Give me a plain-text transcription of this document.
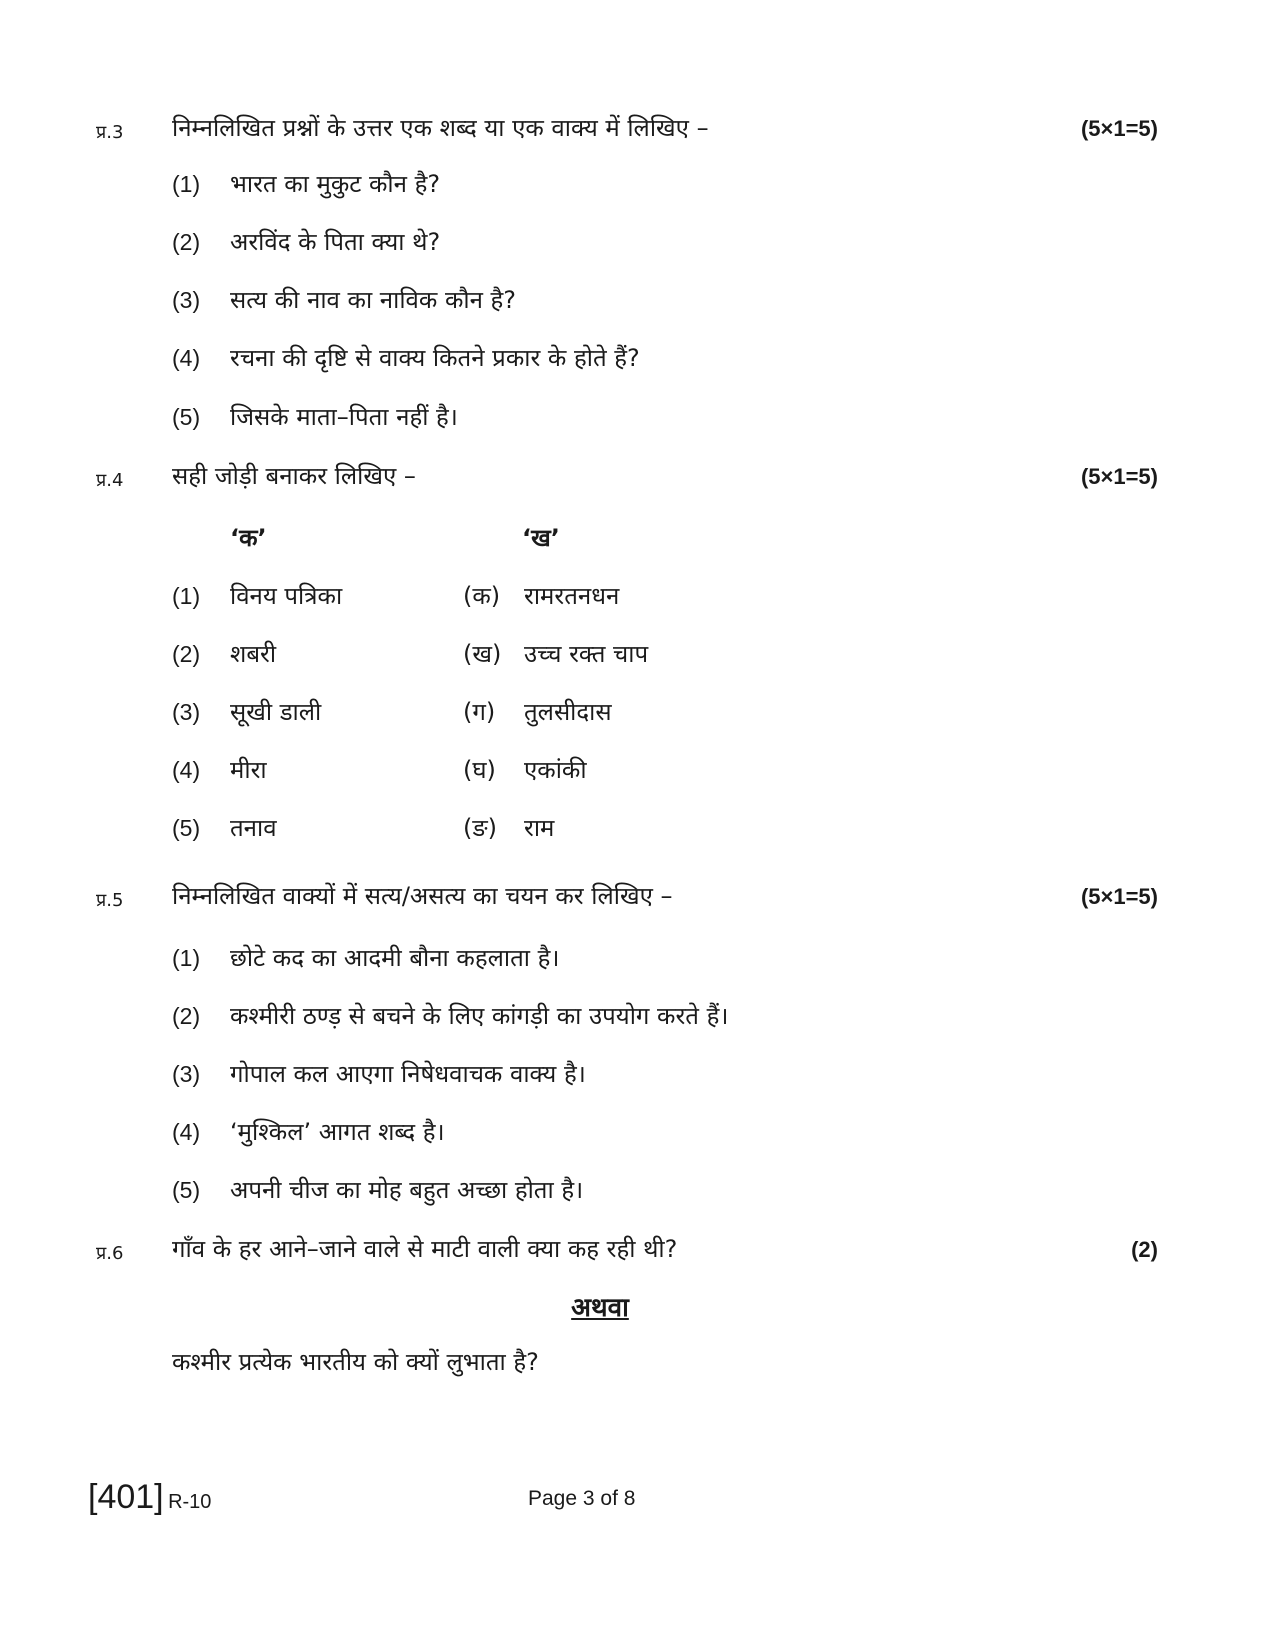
प्र.3 निम्नलिखित प्रश्नों के उत्तर एक शब्द या एक वाक्य में लिखिए –	(5×1=5)
(1) भारत का मुकुट कौन है?
(2) अरविंद के पिता क्या थे?
(3) सत्य की नाव का नाविक कौन है?
(4) रचना की दृष्टि से वाक्य कितने प्रकार के होते हैं?
(5) जिसके माता–पिता नहीं है।
प्र.4 सही जोड़ी बनाकर लिखिए –	(5×1=5)
‘क’	‘ख’
(1) विनय पत्रिका	(क) रामरतनधन
(2) शबरी	(ख) उच्च रक्त चाप
(3) सूखी डाली	(ग) तुलसीदास
(4) मीरा	(घ) एकांकी
(5) तनाव	(ङ) राम
प्र.5 निम्नलिखित वाक्यों में सत्य/असत्य का चयन कर लिखिए –	(5×1=5)
(1) छोटे कद का आदमी बौना कहलाता है।
(2) कश्मीरी ठण्ड़ से बचने के लिए कांगड़ी का उपयोग करते हैं।
(3) गोपाल कल आएगा निषेधवाचक वाक्य है।
(4) ‘मुश्किल’ आगत शब्द है।
(5) अपनी चीज का मोह बहुत अच्छा होता है।
प्र.6 गाँव के हर आने–जाने वाले से माटी वाली क्या कह रही थी?	(2)
अथवा
कश्मीर प्रत्येक भारतीय को क्यों लुभाता है?
[401] R-10	Page 3 of 8
